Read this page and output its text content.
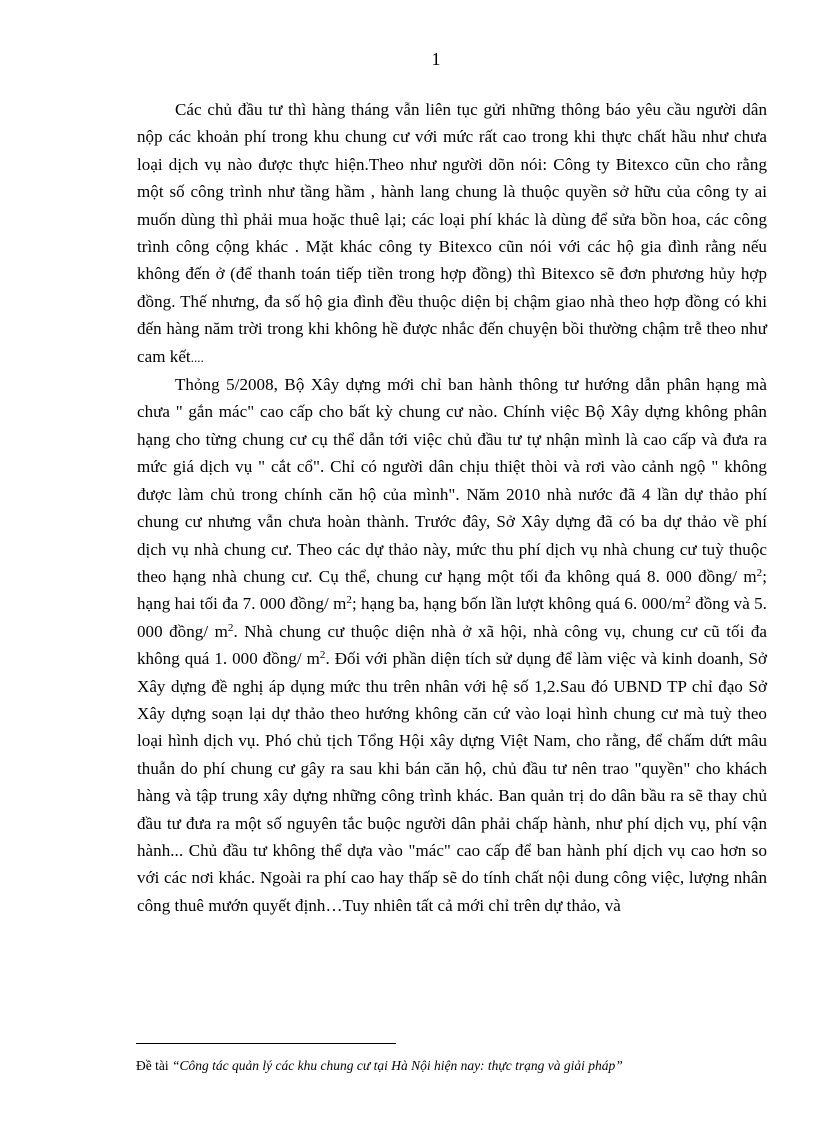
1

Các chủ đầu tư thì hàng tháng vẫn liên tục gửi những thông báo yêu cầu người dân nộp các khoản phí trong khu chung cư với mức rất cao trong khi thực chất hầu như chưa loại dịch vụ nào được thực hiện.Theo như người dõn nói: Công ty Bitexco cũn cho rằng một số công trình như tầng hầm , hành lang chung là thuộc quyền sở hữu của công ty ai muốn dùng thì phải mua hoặc thuê lại; các loại phí khác là dùng để sửa bồn hoa, các công trình công cộng khác . Mặt khác công ty Bitexco cũn nói với các hộ gia đình rằng nếu không đến ở (để thanh toán tiếp tiền trong hợp đồng) thì Bitexco sẽ đơn phương hủy hợp đồng. Thế nhưng, đa số hộ gia đình đều thuộc diện bị chậm giao nhà theo hợp đồng có khi đến hàng năm trời trong khi không hề được nhắc đến chuyện bồi thường chậm trễ theo như cam kết....

Thỏng 5/2008, Bộ Xây dựng mới chỉ ban hành thông tư hướng dẫn phân hạng mà chưa " gắn mác" cao cấp cho bất kỳ chung cư nào. Chính việc Bộ Xây dựng không phân hạng cho từng chung cư cụ thể dẫn tới việc chủ đầu tư tự nhận mình là cao cấp và đưa ra mức giá dịch vụ " cắt cổ". Chỉ có người dân chịu thiệt thòi và rơi vào cảnh ngộ " không được làm chủ trong chính căn hộ của mình". Năm 2010 nhà nước đã 4 lần dự thảo phí chung cư nhưng vẫn chưa hoàn thành. Trước đây, Sở Xây dựng đã có ba dự thảo về phí dịch vụ nhà chung cư. Theo các dự thảo này, mức thu phí dịch vụ nhà chung cư tuỳ thuộc theo hạng nhà chung cư. Cụ thể, chung cư hạng một tối đa không quá 8. 000 đồng/ $m^2$; hạng hai tối đa 7. 000 đồng/ $m^2$; hạng ba, hạng bốn lần lượt không quá 6. $000/m^2$ đồng và 5. 000 đồng/ $m^2$. Nhà chung cư thuộc diện nhà ở xã hội, nhà công vụ, chung cư cũ tối đa không quá 1. 000 đồng/ $m^2$. Đối với phần diện tích sử dụng để làm việc và kinh doanh, Sở Xây dựng đề nghị áp dụng mức thu trên nhân với hệ số 1,2.Sau đó UBND TP chỉ đạo Sở Xây dựng soạn lại dự thảo theo hướng không căn cứ vào loại hình chung cư mà tuỳ theo loại hình dịch vụ. Phó chủ tịch Tổng Hội xây dựng Việt Nam, cho rằng, để chấm dứt mâu thuẫn do phí chung cư gây ra sau khi bán căn hộ, chủ đầu tư nên trao "quyền" cho khách hàng và tập trung xây dựng những công trình khác. Ban quản trị do dân bầu ra sẽ thay chủ đầu tư đưa ra một số nguyên tắc buộc người dân phải chấp hành, như phí dịch vụ, phí vận hành... Chủ đầu tư không thể dựa vào "mác" cao cấp để ban hành phí dịch vụ cao hơn so với các nơi khác. Ngoài ra phí cao hay thấp sẽ do tính chất nội dung công việc, lượng nhân công thuê mướn quyết định…Tuy nhiên tất cả mới chỉ trên dự thảo, và

Đề tài “Công tác quản lý các khu chung cư tại Hà Nội hiện nay: thực trạng và giải pháp”
